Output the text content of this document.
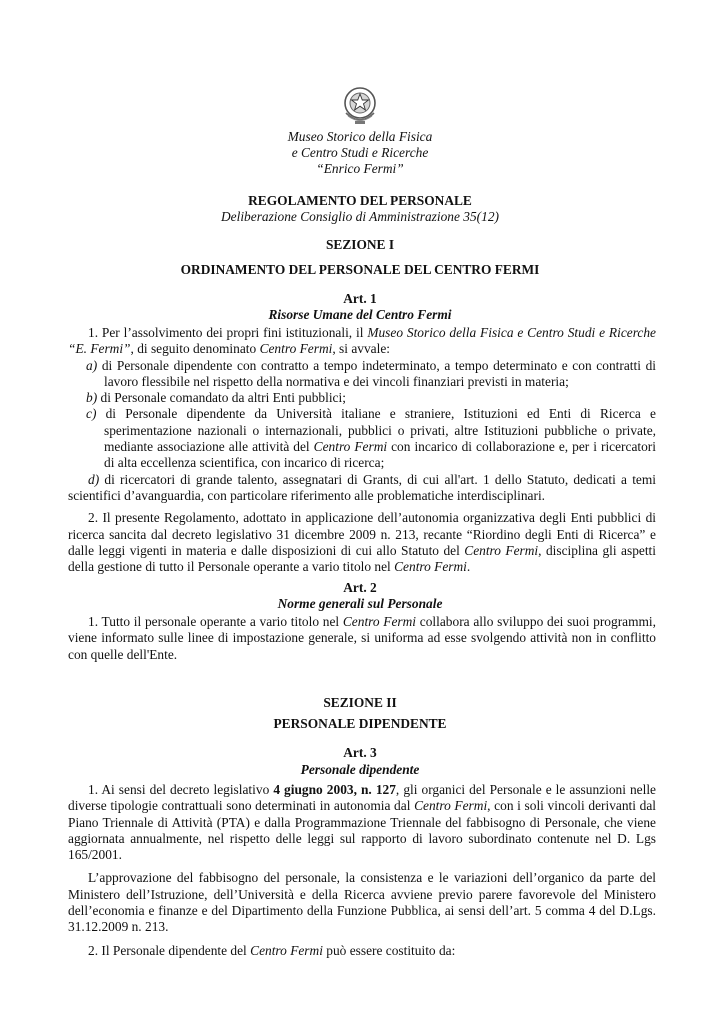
Museo Storico della Fisica
e Centro Studi e Ricerche
“Enrico Fermi”
REGOLAMENTO DEL PERSONALE
Deliberazione Consiglio di Amministrazione 35(12)
SEZIONE I
ORDINAMENTO DEL PERSONALE DEL CENTRO FERMI
Art. 1
Risorse Umane del Centro Fermi

1. Per l’assolvimento dei propri fini istituzionali, il Museo Storico della Fisica e Centro Studi e Ricerche “E. Fermi”, di seguito denominato Centro Fermi, si avvale:

a) di Personale dipendente con contratto a tempo indeterminato, a tempo determinato e con contratti di lavoro flessibile nel rispetto della normativa e dei vincoli finanziari previsti in materia;

b) di Personale comandato da altri Enti pubblici;

c) di Personale dipendente da Università italiane e straniere, Istituzioni ed Enti di Ricerca e sperimentazione nazionali o internazionali, pubblici o privati, altre Istituzioni pubbliche o private, mediante associazione alle attività del Centro Fermi con incarico di collaborazione e, per i ricercatori di alta eccellenza scientifica, con incarico di ricerca;

d) di ricercatori di grande talento, assegnatari di Grants, di cui all'art. 1 dello Statuto, dedicati a temi scientifici d’avanguardia, con particolare riferimento alle problematiche interdisciplinari.

2. Il presente Regolamento, adottato in applicazione dell’autonomia organizzativa degli Enti pubblici di ricerca sancita dal decreto legislativo 31 dicembre 2009 n. 213, recante “Riordino degli Enti di Ricerca” e dalle leggi vigenti in materia e dalle disposizioni di cui allo Statuto del Centro Fermi, disciplina gli aspetti della gestione di tutto il Personale operante a vario titolo nel Centro Fermi.

Art. 2
Norme generali sul Personale

1. Tutto il personale operante a vario titolo nel Centro Fermi collabora allo sviluppo dei suoi programmi, viene informato sulle linee di impostazione generale, si uniforma ad esse svolgendo attività non in conflitto con quelle dell'Ente.

SEZIONE II
PERSONALE DIPENDENTE
Art. 3
Personale dipendente

1. Ai sensi del decreto legislativo 4 giugno 2003, n. 127, gli organici del Personale e le assunzioni nelle diverse tipologie contrattuali sono determinati in autonomia dal Centro Fermi, con i soli vincoli derivanti dal Piano Triennale di Attività (PTA) e dalla Programmazione Triennale del fabbisogno di Personale, che viene aggiornata annualmente, nel rispetto delle leggi sul rapporto di lavoro subordinato contenute nel D. Lgs 165/2001.

L’approvazione del fabbisogno del personale, la consistenza e le variazioni dell’organico da parte del Ministero dell’Istruzione, dell’Università e della Ricerca avviene previo parere favorevole del Ministero dell’economia e finanze e del Dipartimento della Funzione Pubblica, ai sensi dell’art. 5 comma 4 del D.Lgs. 31.12.2009 n. 213.

2. Il Personale dipendente del Centro Fermi può essere costituito da:
